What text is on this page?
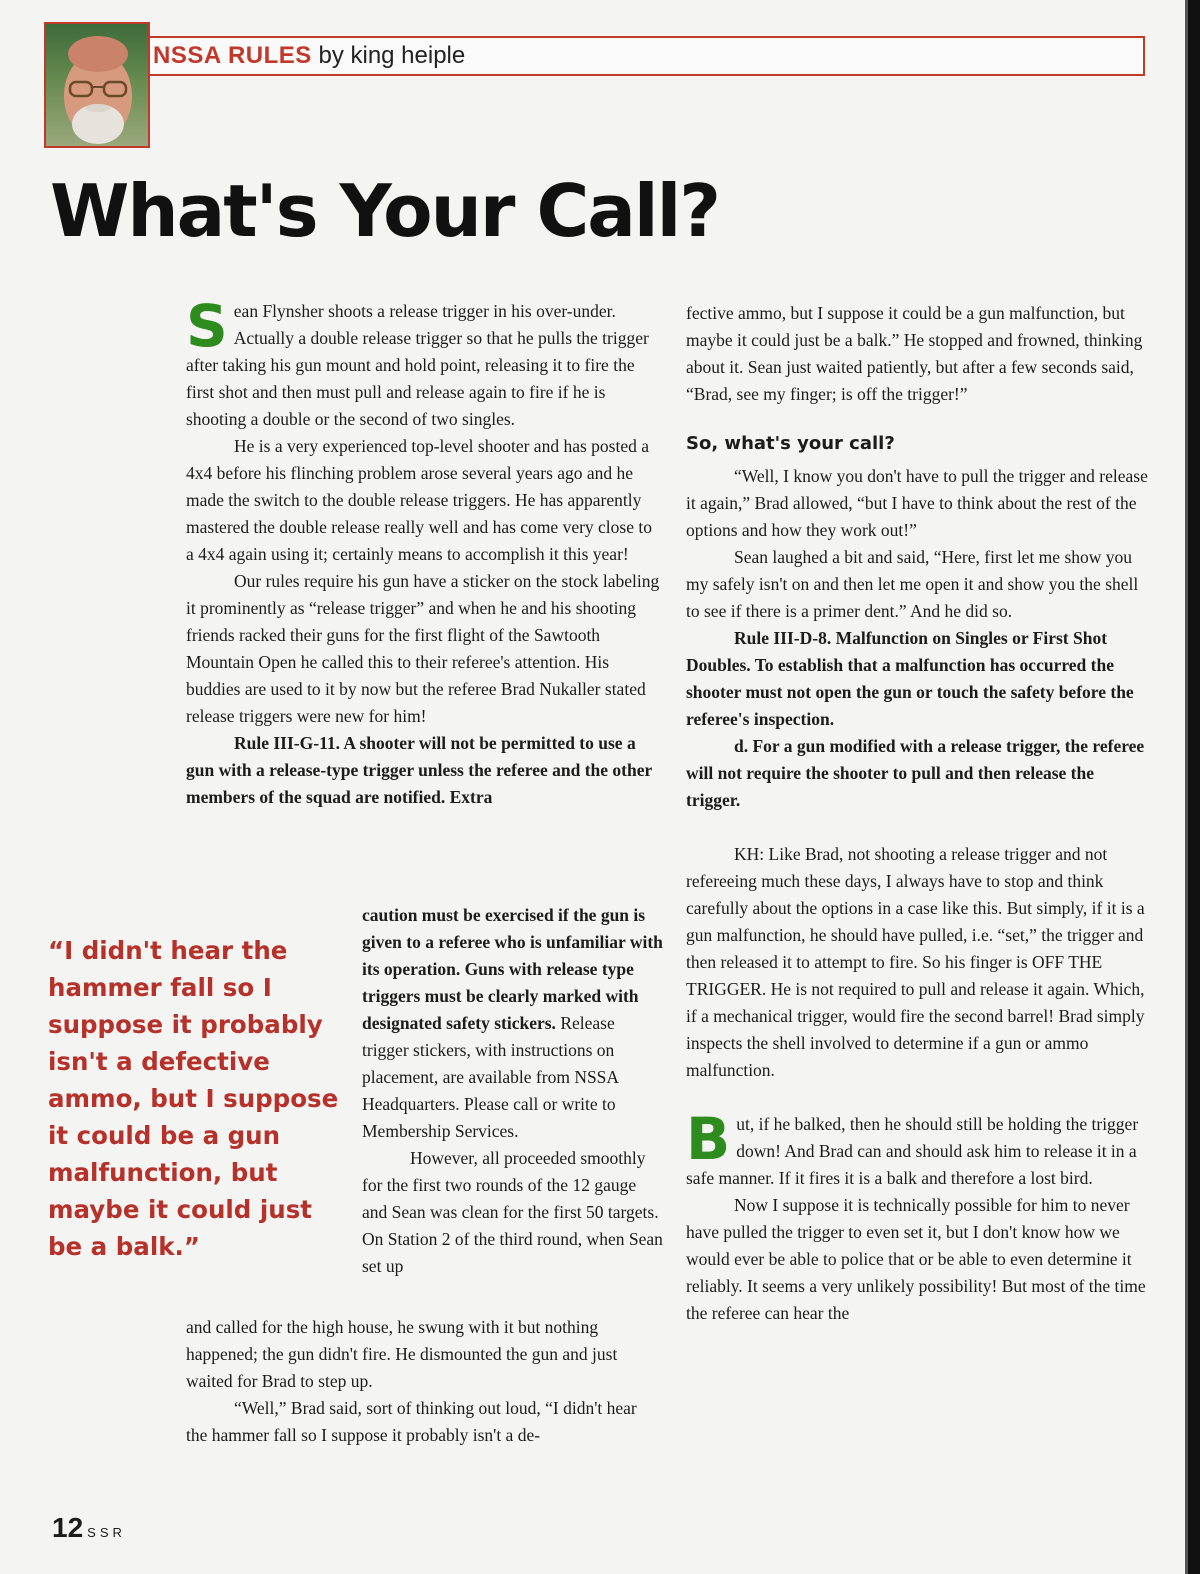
NSSA RULES by king heiple
What's Your Call?

Sean Flynsher shoots a release trigger in his over-under. Actually a double release trigger so that he pulls the trigger after taking his gun mount and hold point, releasing it to fire the first shot and then must pull and release again to fire if he is shooting a double or the second of two singles.

He is a very experienced top-level shooter and has posted a 4x4 before his flinching problem arose several years ago and he made the switch to the double release triggers. He has apparently mastered the double release really well and has come very close to a 4x4 again using it; certainly means to accomplish it this year!

Our rules require his gun have a sticker on the stock labeling it prominently as “release trigger” and when he and his shooting friends racked their guns for the first flight of the Sawtooth Mountain Open he called this to their referee's attention. His buddies are used to it by now but the referee Brad Nukaller stated release triggers were new for him!

Rule III-G-11. A shooter will not be permitted to use a gun with a release-type trigger unless the referee and the other members of the squad are notified. Extra

caution must be exercised if the gun is given to a referee who is unfamiliar with its operation. Guns with release type triggers must be clearly marked with designated safety stickers. Release trigger stickers, with instructions on placement, are available from NSSA Headquarters. Please call or write to Membership Services.

However, all proceeded smoothly for the first two rounds of the 12 gauge and Sean was clean for the first 50 targets. On Station 2 of the third round, when Sean set up

and called for the high house, he swung with it but nothing happened; the gun didn't fire. He dismounted the gun and just waited for Brad to step up.

“Well,” Brad said, sort of thinking out loud, “I didn't hear the hammer fall so I suppose it probably isn't a de-

“I didn't hear the hammer fall so I suppose it probably isn't a defective ammo, but I suppose it could be a gun malfunction, but maybe it could just be a balk.”

fective ammo, but I suppose it could be a gun malfunction, but maybe it could just be a balk.” He stopped and frowned, thinking about it. Sean just waited patiently, but after a few seconds said, “Brad, see my finger; is off the trigger!”

So, what's your call?

“Well, I know you don't have to pull the trigger and release it again,” Brad allowed, “but I have to think about the rest of the options and how they work out!”

Sean laughed a bit and said, “Here, first let me show you my safely isn't on and then let me open it and show you the shell to see if there is a primer dent.” And he did so.

Rule III-D-8. Malfunction on Singles or First Shot Doubles. To establish that a malfunction has occurred the shooter must not open the gun or touch the safety before the referee's inspection.

d. For a gun modified with a release trigger, the referee will not require the shooter to pull and then release the trigger.

KH: Like Brad, not shooting a release trigger and not refereeing much these days, I always have to stop and think carefully about the options in a case like this. But simply, if it is a gun malfunction, he should have pulled, i.e. “set,” the trigger and then released it to attempt to fire. So his finger is OFF THE TRIGGER. He is not required to pull and release it again. Which, if a mechanical trigger, would fire the second barrel! Brad simply inspects the shell involved to determine if a gun or ammo malfunction.

But, if he balked, then he should still be holding the trigger down! And Brad can and should ask him to release it in a safe manner. If it fires it is a balk and therefore a lost bird.

Now I suppose it is technically possible for him to never have pulled the trigger to even set it, but I don't know how we would ever be able to police that or be able to even determine it reliably. It seems a very unlikely possibility! But most of the time the referee can hear the

12 SSR
